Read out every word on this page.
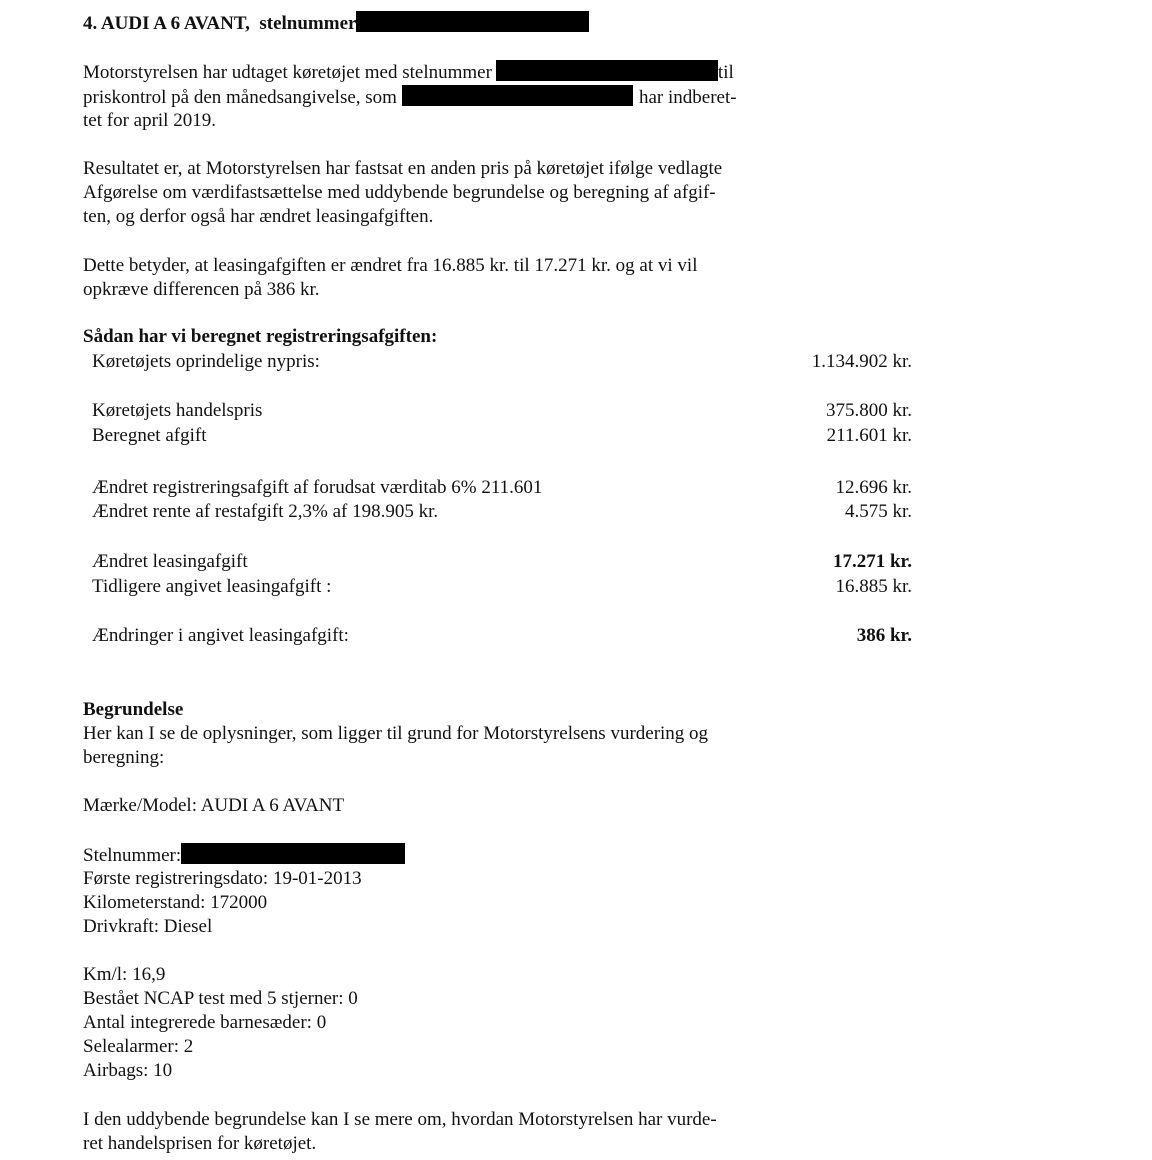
4. AUDI A 6 AVANT, stelnummer
Motorstyrelsen har udtaget køretøjet med stelnummer	til
priskontrol på den månedsangivelse, som	har indberet-
tet for april 2019.
Resultatet er, at Motorstyrelsen har fastsat en anden pris på køretøjet ifølge vedlagte
Afgørelse om værdifastsættelse med uddybende begrundelse og beregning af afgif-
ten, og derfor også har ændret leasingafgiften.
Dette betyder, at leasingafgiften er ændret fra 16.885 kr. til 17.271 kr. og at vi vil
opkræve differencen på 386 kr.
Sådan har vi beregnet registreringsafgiften:
Køretøjets oprindelige nypris:	1.134.902 kr.
Køretøjets handelspris	375.800 kr.
Beregnet afgift	211.601 kr.
Ændret registreringsafgift af forudsat værditab 6% 211.601	12.696 kr.
Ændret rente af restafgift 2,3% af 198.905 kr.	4.575 kr.
Ændret leasingafgift	17.271 kr.
Tidligere angivet leasingafgift :	16.885 kr.
Ændringer i angivet leasingafgift:	386 kr.
Begrundelse
Her kan I se de oplysninger, som ligger til grund for Motorstyrelsens vurdering og
beregning:
Mærke/Model: AUDI A 6 AVANT
Stelnummer:
Første registreringsdato: 19-01-2013
Kilometerstand: 172000
Drivkraft: Diesel
Km/l: 16,9
Bestået NCAP test med 5 stjerner: 0
Antal integrerede barnesæder: 0
Selealarmer: 2
Airbags: 10
I den uddybende begrundelse kan I se mere om, hvordan Motorstyrelsen har vurde-
ret handelsprisen for køretøjet.
